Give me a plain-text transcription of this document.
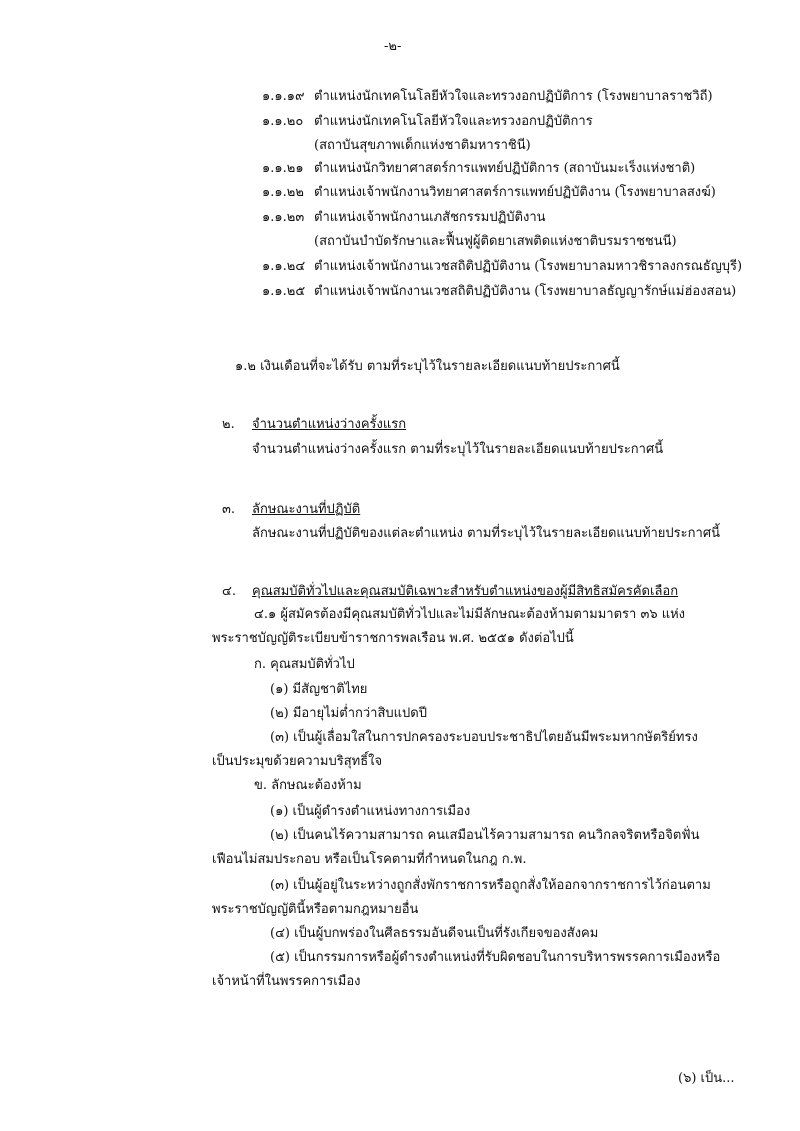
-๒-
๑.๑.๑๙ ตำแหน่งนักเทคโนโลยีหัวใจและทรวงอกปฏิบัติการ (โรงพยาบาลราชวิถี)
๑.๑.๒๐ ตำแหน่งนักเทคโนโลยีหัวใจและทรวงอกปฏิบัติการ
(สถาบันสุขภาพเด็กแห่งชาติมหาราชินี)
๑.๑.๒๑ ตำแหน่งนักวิทยาศาสตร์การแพทย์ปฏิบัติการ (สถาบันมะเร็งแห่งชาติ)
๑.๑.๒๒ ตำแหน่งเจ้าพนักงานวิทยาศาสตร์การแพทย์ปฏิบัติงาน (โรงพยาบาลสงฆ์)
๑.๑.๒๓ ตำแหน่งเจ้าพนักงานเภสัชกรรมปฏิบัติงาน
(สถาบันบำบัดรักษาและฟื้นฟูผู้ติดยาเสพติดแห่งชาติบรมราชชนนี)
๑.๑.๒๔ ตำแหน่งเจ้าพนักงานเวชสถิติปฏิบัติงาน (โรงพยาบาลมหาวชิราลงกรณธัญบุรี)
๑.๑.๒๕ ตำแหน่งเจ้าพนักงานเวชสถิติปฏิบัติงาน (โรงพยาบาลธัญญารักษ์แม่ฮ่องสอน)
๑.๒ เงินเดือนที่จะได้รับ ตามที่ระบุไว้ในรายละเอียดแนบท้ายประกาศนี้
๒. จำนวนตำแหน่งว่างครั้งแรก
จำนวนตำแหน่งว่างครั้งแรก ตามที่ระบุไว้ในรายละเอียดแนบท้ายประกาศนี้
๓. ลักษณะงานที่ปฏิบัติ
ลักษณะงานที่ปฏิบัติของแต่ละตำแหน่ง ตามที่ระบุไว้ในรายละเอียดแนบท้ายประกาศนี้
๔. คุณสมบัติทั่วไปและคุณสมบัติเฉพาะสำหรับตำแหน่งของผู้มีสิทธิสมัครคัดเลือก
๔.๑ ผู้สมัครต้องมีคุณสมบัติทั่วไปและไม่มีลักษณะต้องห้ามตามมาตรา ๓๖ แห่ง
พระราชบัญญัติระเบียบข้าราชการพลเรือน พ.ศ. ๒๕๕๑ ดังต่อไปนี้
ก. คุณสมบัติทั่วไป
(๑) มีสัญชาติไทย
(๒) มีอายุไม่ต่ำกว่าสิบแปดปี
(๓) เป็นผู้เลื่อมใสในการปกครองระบอบประชาธิปไตยอันมีพระมหากษัตริย์ทรง
เป็นประมุขด้วยความบริสุทธิ์ใจ
ข. ลักษณะต้องห้าม
(๑) เป็นผู้ดำรงตำแหน่งทางการเมือง
(๒) เป็นคนไร้ความสามารถ คนเสมือนไร้ความสามารถ คนวิกลจริตหรือจิตฟั่น
เฟือนไม่สมประกอบ หรือเป็นโรคตามที่กำหนดในกฎ ก.พ.
(๓) เป็นผู้อยู่ในระหว่างถูกสั่งพักราชการหรือถูกสั่งให้ออกจากราชการไว้ก่อนตาม
พระราชบัญญัตินี้หรือตามกฎหมายอื่น
(๔) เป็นผู้บกพร่องในศีลธรรมอันดีจนเป็นที่รังเกียจของสังคม
(๕) เป็นกรรมการหรือผู้ดำรงตำแหน่งที่รับผิดชอบในการบริหารพรรคการเมืองหรือ
เจ้าหน้าที่ในพรรคการเมือง
(๖) เป็น...
